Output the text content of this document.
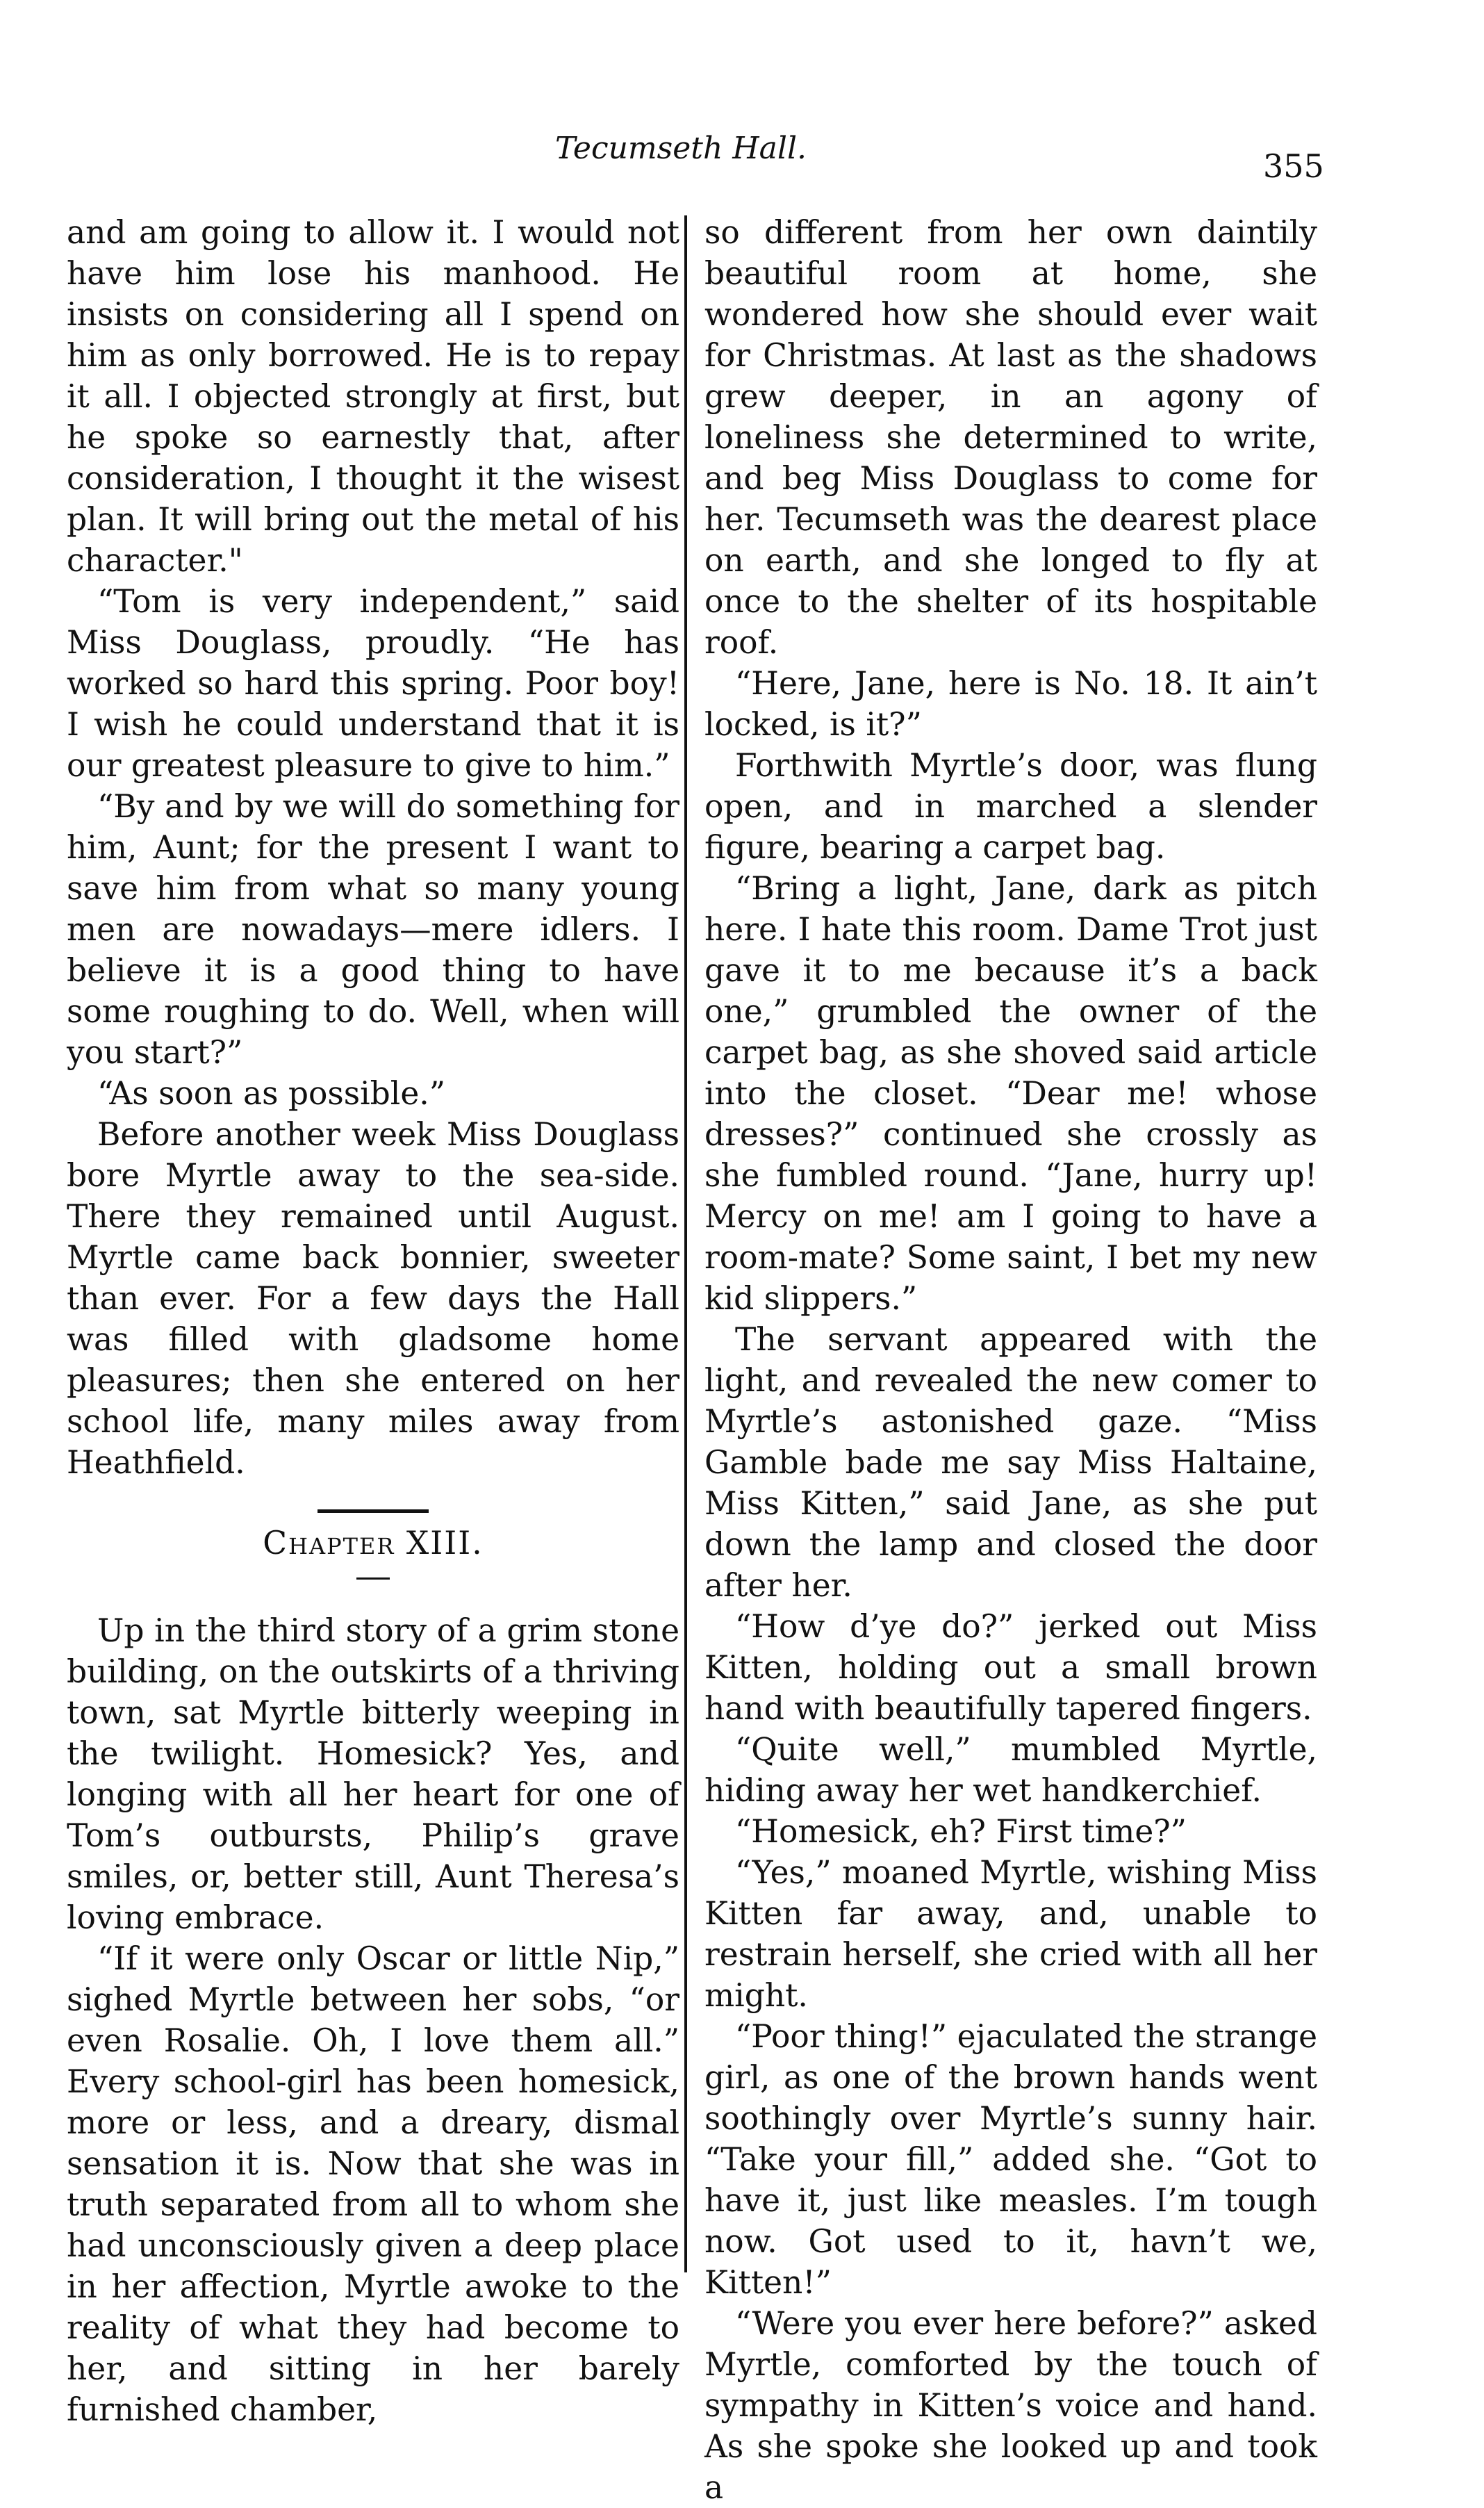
Tecumseth Hall.	355

and am going to allow it. I would not have him lose his manhood. He insists on considering all I spend on him as only borrowed. He is to repay it all. I objected strongly at first, but he spoke so earnestly that, after consideration, I thought it the wisest plan. It will bring out the metal of his character."

“Tom is very independent,” said Miss Douglass, proudly. “He has worked so hard this spring. Poor boy! I wish he could understand that it is our greatest pleasure to give to him.”

“By and by we will do something for him, Aunt; for the present I want to save him from what so many young men are nowadays—mere idlers. I believe it is a good thing to have some roughing to do. Well, when will you start?”

“As soon as possible.”

Before another week Miss Douglass bore Myrtle away to the sea-side. There they remained until August. Myrtle came back bonnier, sweeter than ever. For a few days the Hall was filled with gladsome home pleasures; then she entered on her school life, many miles away from Heathfield.

Chapter XIII.

Up in the third story of a grim stone building, on the outskirts of a thriving town, sat Myrtle bitterly weeping in the twilight. Homesick? Yes, and longing with all her heart for one of Tom’s outbursts, Philip’s grave smiles, or, better still, Aunt Theresa’s loving embrace.

“If it were only Oscar or little Nip,” sighed Myrtle between her sobs, “or even Rosalie. Oh, I love them all.” Every school-girl has been homesick, more or less, and a dreary, dismal sensation it is. Now that she was in truth separated from all to whom she had unconsciously given a deep place in her affection, Myrtle awoke to the reality of what they had become to her, and sitting in her barely furnished chamber,

so different from her own daintily beautiful room at home, she wondered how she should ever wait for Christmas. At last as the shadows grew deeper, in an agony of loneliness she determined to write, and beg Miss Douglass to come for her. Tecumseth was the dearest place on earth, and she longed to fly at once to the shelter of its hospitable roof.

“Here, Jane, here is No. 18. It ain’t locked, is it?”

Forthwith Myrtle’s door, was flung open, and in marched a slender figure, bearing a carpet bag.

“Bring a light, Jane, dark as pitch here. I hate this room. Dame Trot just gave it to me because it’s a back one,” grumbled the owner of the carpet bag, as she shoved said article into the closet. “Dear me! whose dresses?” continued she crossly as she fumbled round. “Jane, hurry up! Mercy on me! am I going to have a room-mate? Some saint, I bet my new kid slippers.”

The servant appeared with the light, and revealed the new comer to Myrtle’s astonished gaze. “Miss Gamble bade me say Miss Haltaine, Miss Kitten,” said Jane, as she put down the lamp and closed the door after her.

“How d’ye do?” jerked out Miss Kitten, holding out a small brown hand with beautifully tapered fingers.

“Quite well,” mumbled Myrtle, hiding away her wet handkerchief.

“Homesick, eh? First time?”

“Yes,” moaned Myrtle, wishing Miss Kitten far away, and, unable to restrain herself, she cried with all her might.

“Poor thing!” ejaculated the strange girl, as one of the brown hands went soothingly over Myrtle’s sunny hair. “Take your fill,” added she. “Got to have it, just like measles. I’m tough now. Got used to it, havn’t we, Kitten!”

“Were you ever here before?” asked Myrtle, comforted by the touch of sympathy in Kitten’s voice and hand. As she spoke she looked up and took a
